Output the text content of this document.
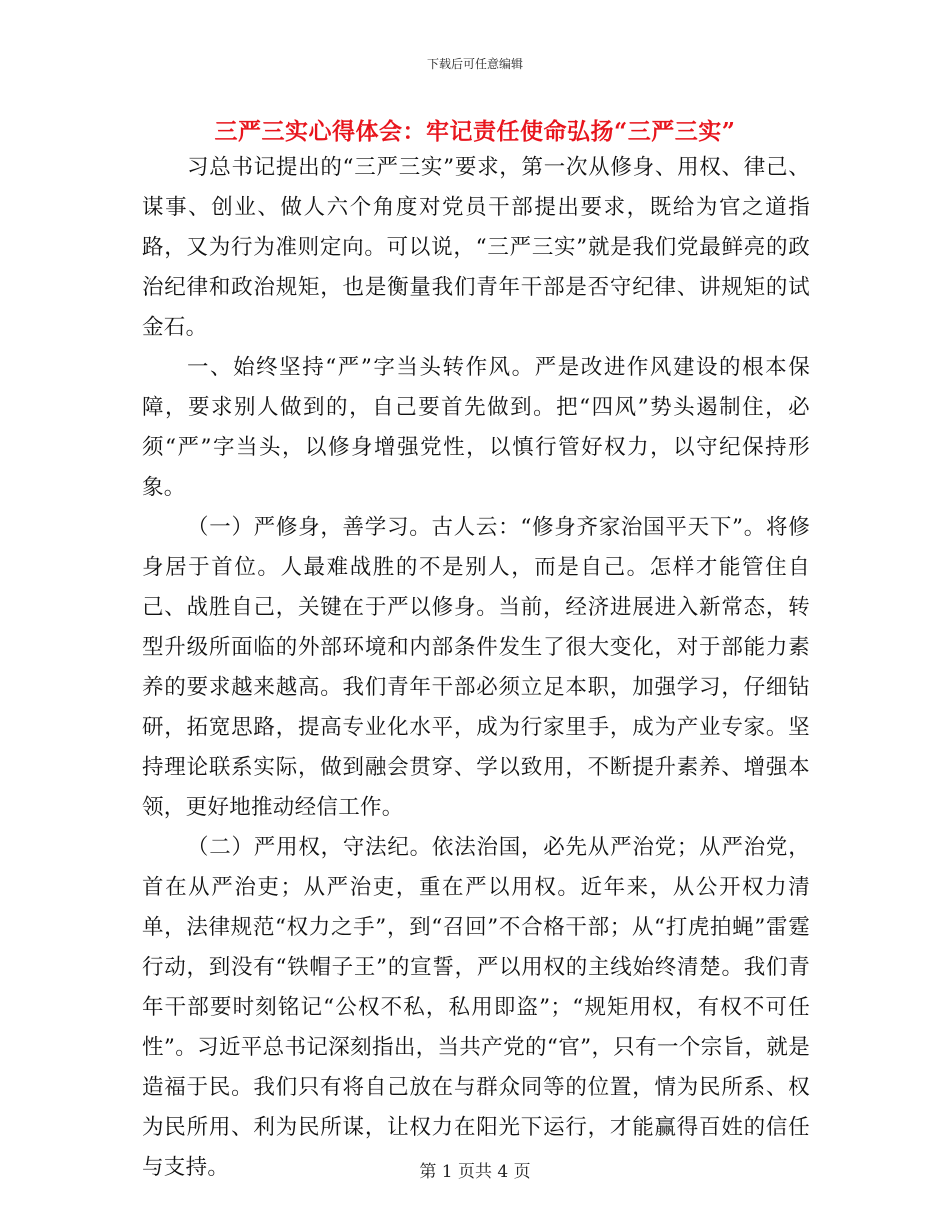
下载后可任意编辑
三严三实心得体会：牢记责任使命弘扬“三严三实”

习总书记提出的“三严三实”要求，第一次从修身、用权、律己、谋事、创业、做人六个角度对党员干部提出要求，既给为官之道指路，又为行为准则定向。可以说，“三严三实”就是我们党最鲜亮的政治纪律和政治规矩，也是衡量我们青年干部是否守纪律、讲规矩的试金石。

一、始终坚持“严”字当头转作风。严是改进作风建设的根本保障，要求别人做到的，自己要首先做到。把“四风”势头遏制住，必须“严”字当头，以修身增强党性，以慎行管好权力，以守纪保持形象。

（一）严修身，善学习。古人云：“修身齐家治国平天下”。将修身居于首位。人最难战胜的不是别人，而是自己。怎样才能管住自己、战胜自己，关键在于严以修身。当前，经济进展进入新常态，转型升级所面临的外部环境和内部条件发生了很大变化，对于部能力素养的要求越来越高。我们青年干部必须立足本职，加强学习，仔细钻研，拓宽思路，提高专业化水平，成为行家里手，成为产业专家。坚持理论联系实际，做到融会贯穿、学以致用，不断提升素养、增强本领，更好地推动经信工作。

（二）严用权，守法纪。依法治国，必先从严治党；从严治党，首在从严治吏；从严治吏，重在严以用权。近年来，从公开权力清单，法律规范“权力之手”，到“召回”不合格干部；从“打虎拍蝇”雷霆行动，到没有“铁帽子王”的宣誓，严以用权的主线始终清楚。我们青年干部要时刻铭记“公权不私，私用即盗”；“规矩用权，有权不可任性”。习近平总书记深刻指出，当共产党的“官”，只有一个宗旨，就是造福于民。我们只有将自己放在与群众同等的位置，情为民所系、权为民所用、利为民所谋，让权力在阳光下运行，才能赢得百姓的信任与支持。	第 1 页共 4 页
